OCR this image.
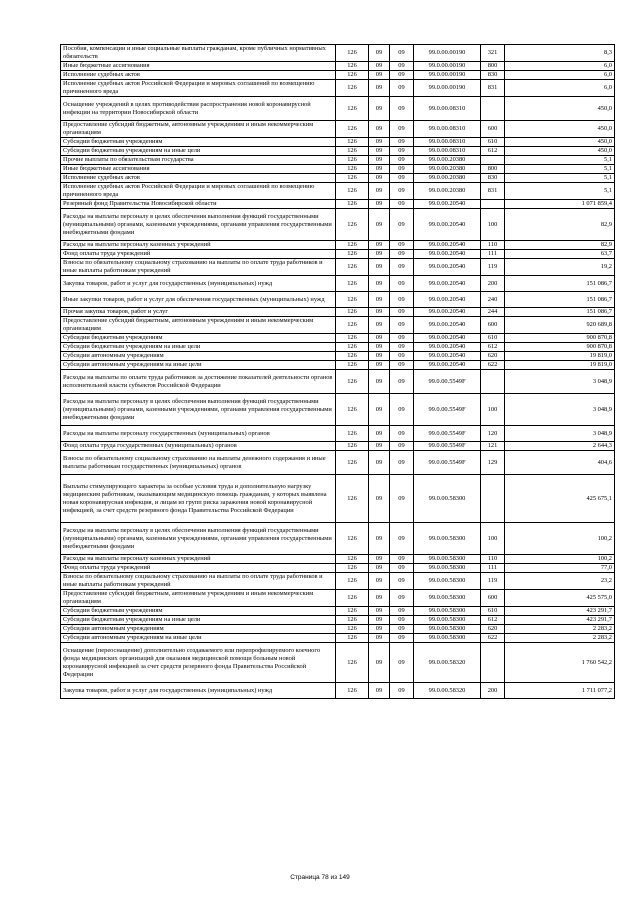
Пособия, компенсации и иные социальные выплаты гражданам, кроме публичных нормативных обязательств	126	09	09	99.0.00.00190	321	8,3
Иные бюджетные ассигнования	126	09	09	99.0.00.00190	800	6,0
Исполнение судебных актов	126	09	09	99.0.00.00190	830	6,0
Исполнение судебных актов Российской Федерации и мировых соглашений по возмещению причиненного вреда	126	09	09	99.0.00.00190	831	6,0
Оснащение учреждений в целях противодействия распространения новой коронавирусной инфекции на территории Новосибирской области	126	09	09	99.0.00.08310		450,0
Предоставление субсидий бюджетным, автономным учреждениям и иным некоммерческим организациям	126	09	09	99.0.00.08310	600	450,0
Субсидии бюджетным учреждениям	126	09	09	99.0.00.08310	610	450,0
Субсидии бюджетным учреждениям на иные цели	126	09	09	99.0.00.08310	612	450,0
Прочие выплаты по обязательствам государства	126	09	09	99.0.00.20380		5,1
Иные бюджетные ассигнования	126	09	09	99.0.00.20380	800	5,1
Исполнение судебных актов	126	09	09	99.0.00.20380	830	5,1
Исполнение судебных актов Российской Федерации и мировых соглашений по возмещению причиненного вреда	126	09	09	99.0.00.20380	831	5,1
Резервный фонд Правительства Новосибирской области	126	09	09	99.0.00.20540		1 071 859,4
Расходы на выплаты персоналу в целях обеспечения выполнения функций государственными (муниципальными) органами, казенными учреждениями, органами управления государственными внебюджетными фондами	126	09	09	99.0.00.20540	100	82,9
Расходы на выплаты персоналу казенных учреждений	126	09	09	99.0.00.20540	110	82,9
Фонд оплаты труда учреждений	126	09	09	99.0.00.20540	111	63,7
Взносы по обязательному социальному страхованию на выплаты по оплате труда работников и иные выплаты работникам учреждений	126	09	09	99.0.00.20540	119	19,2
Закупка товаров, работ и услуг для государственных (муниципальных) нужд	126	09	09	99.0.00.20540	200	151 086,7
Иные закупки товаров, работ и услуг для обеспечения государственных (муниципальных) нужд	126	09	09	99.0.00.20540	240	151 086,7
Прочая закупка товаров, работ и услуг	126	09	09	99.0.00.20540	244	151 086,7
Предоставление субсидий бюджетным, автономным учреждениям и иным некоммерческим организациям	126	09	09	99.0.00.20540	600	920 689,8
Субсидии бюджетным учреждениям	126	09	09	99.0.00.20540	610	900 870,8
Субсидии бюджетным учреждениям на иные цели	126	09	09	99.0.00.20540	612	900 870,8
Субсидии автономным учреждениям	126	09	09	99.0.00.20540	620	19 819,0
Субсидии автономным учреждениям на иные цели	126	09	09	99.0.00.20540	622	19 819,0
Расходы на выплаты по оплате труда работников за достижение показателей деятельности органов исполнительной власти субъектов Российской Федерации	126	09	09	99.0.00.5549F		3 048,9
Расходы на выплаты персоналу в целях обеспечения выполнения функций государственными (муниципальными) органами, казенными учреждениями, органами управления государственными внебюджетными фондами	126	09	09	99.0.00.5549F	100	3 048,9
Расходы на выплаты персоналу государственных (муниципальных) органов	126	09	09	99.0.00.5549F	120	3 048,9
Фонд оплаты труда государственных (муниципальных) органов	126	09	09	99.0.00.5549F	121	2 644,3
Взносы по обязательному социальному страхованию на выплаты денежного содержания и иные выплаты работникам государственных (муниципальных) органов	126	09	09	99.0.00.5549F	129	404,6
Выплаты стимулирующего характера за особые условия труда и дополнительную нагрузку медицинским работникам, оказывающим медицинскую помощь гражданам, у которых выявлена новая коронавирусная инфекция, и лицам из групп риска заражения новой коронавирусной инфекцией, за счет средств резервного фонда Правительства Российской Федерации	126	09	09	99.0.00.58300		425 675,1
Расходы на выплаты персоналу в целях обеспечения выполнения функций государственными (муниципальными) органами, казенными учреждениями, органами управления государственными внебюджетными фондами	126	09	09	99.0.00.58300	100	100,2
Расходы на выплаты персоналу казенных учреждений	126	09	09	99.0.00.58300	110	100,2
Фонд оплаты труда учреждений	126	09	09	99.0.00.58300	111	77,0
Взносы по обязательному социальному страхованию на выплаты по оплате труда работников и иные выплаты работникам учреждений	126	09	09	99.0.00.58300	119	23,2
Предоставление субсидий бюджетным, автономным учреждениям и иным некоммерческим организациям	126	09	09	99.0.00.58300	600	425 575,0
Субсидии бюджетным учреждениям	126	09	09	99.0.00.58300	610	423 291,7
Субсидии бюджетным учреждениям на иные цели	126	09	09	99.0.00.58300	612	423 291,7
Субсидии автономным учреждениям	126	09	09	99.0.00.58300	620	2 283,2
Субсидии автономным учреждениям на иные цели	126	09	09	99.0.00.58300	622	2 283,2
Оснащение (переоснащение) дополнительно создаваемого или перепрофилируемого коечного фонда медицинских организаций для оказания медицинской помощи больным новой коронавирусной инфекцией за счет средств резервного фонда Правительства Российской Федерации	126	09	09	99.0.00.58320		1 760 542,2
Закупка товаров, работ и услуг для государственных (муниципальных) нужд	126	09	09	99.0.00.58320	200	1 711 077,2
Страница 78 из 149
